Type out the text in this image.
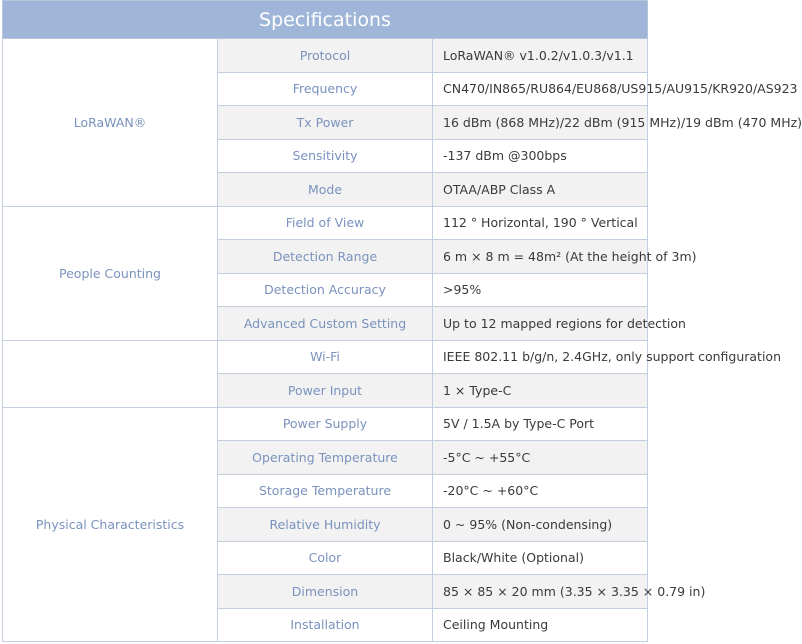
Specifications		
LoRaWAN®	Protocol	LoRaWAN® v1.0.2/v1.0.3/v1.1
	Frequency	CN470/IN865/RU864/EU868/US915/AU915/KR920/AS923
	Tx Power	16 dBm (868 MHz)/22 dBm (915 MHz)/19 dBm (470 MHz)
	Sensitivity	-137 dBm @300bps
	Mode	OTAA/ABP Class A
People Counting	Field of View	112 ° Horizontal, 190 ° Vertical
	Detection Range	6 m × 8 m = 48m² (At the height of 3m)
	Detection Accuracy	>95%
	Advanced Custom Setting	Up to 12 mapped regions for detection
	Wi-Fi	IEEE 802.11 b/g/n, 2.4GHz, only support configuration
	Power Input	1 × Type-C
Physical Characteristics	Power Supply	5V / 1.5A by Type-C Port
	Operating Temperature	-5°C ~ +55°C
	Storage Temperature	-20°C ~ +60°C
	Relative Humidity	0 ~ 95% (Non-condensing)
	Color	Black/White (Optional)
	Dimension	85 × 85 × 20 mm (3.35 × 3.35 × 0.79 in)
	Installation	Ceiling Mounting
